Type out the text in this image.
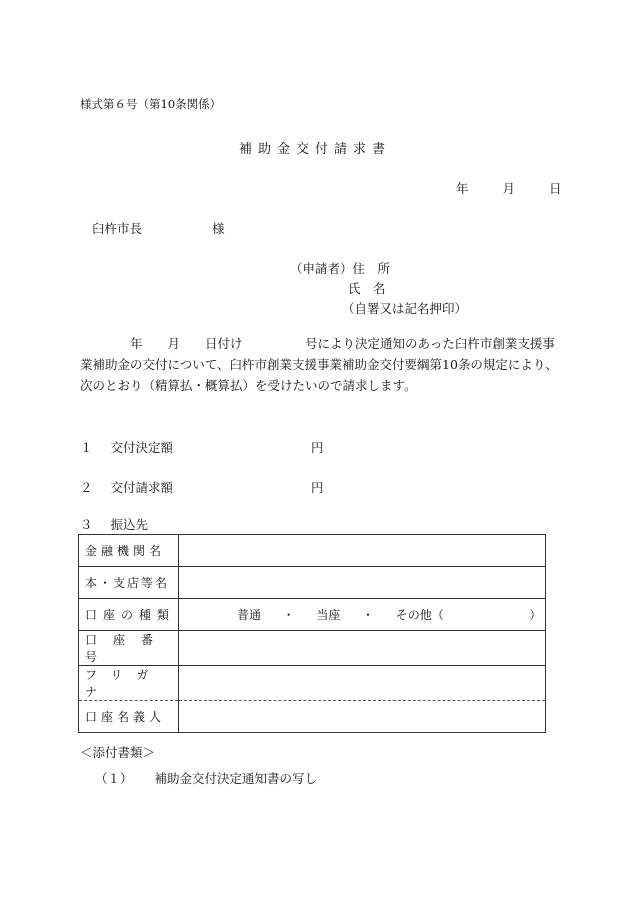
様式第６号（第10条関係）
補助金交付請求書
年	月	日
臼杵市長	様
（申請者）住　所
氏　名
（自署又は記名押印）
　　　　年　　月　　日付け　　　　　号により決定通知のあった臼杵市創業支援事
業補助金の交付について、臼杵市創業支援事業補助金交付要綱第10条の規定により、
次のとおり（精算払・概算払）を受けたいので請求します。
１ 交付決定額	円
２ 交付請求額	円
３ 振込先
金融機関名	

本・支店等名	
口座の種類	普通 ・ 当座 ・ その他（ ）
口座番号	
フリガナ	
口座名義人	
＜添付書類＞
（１） 補助金交付決定通知書の写し
